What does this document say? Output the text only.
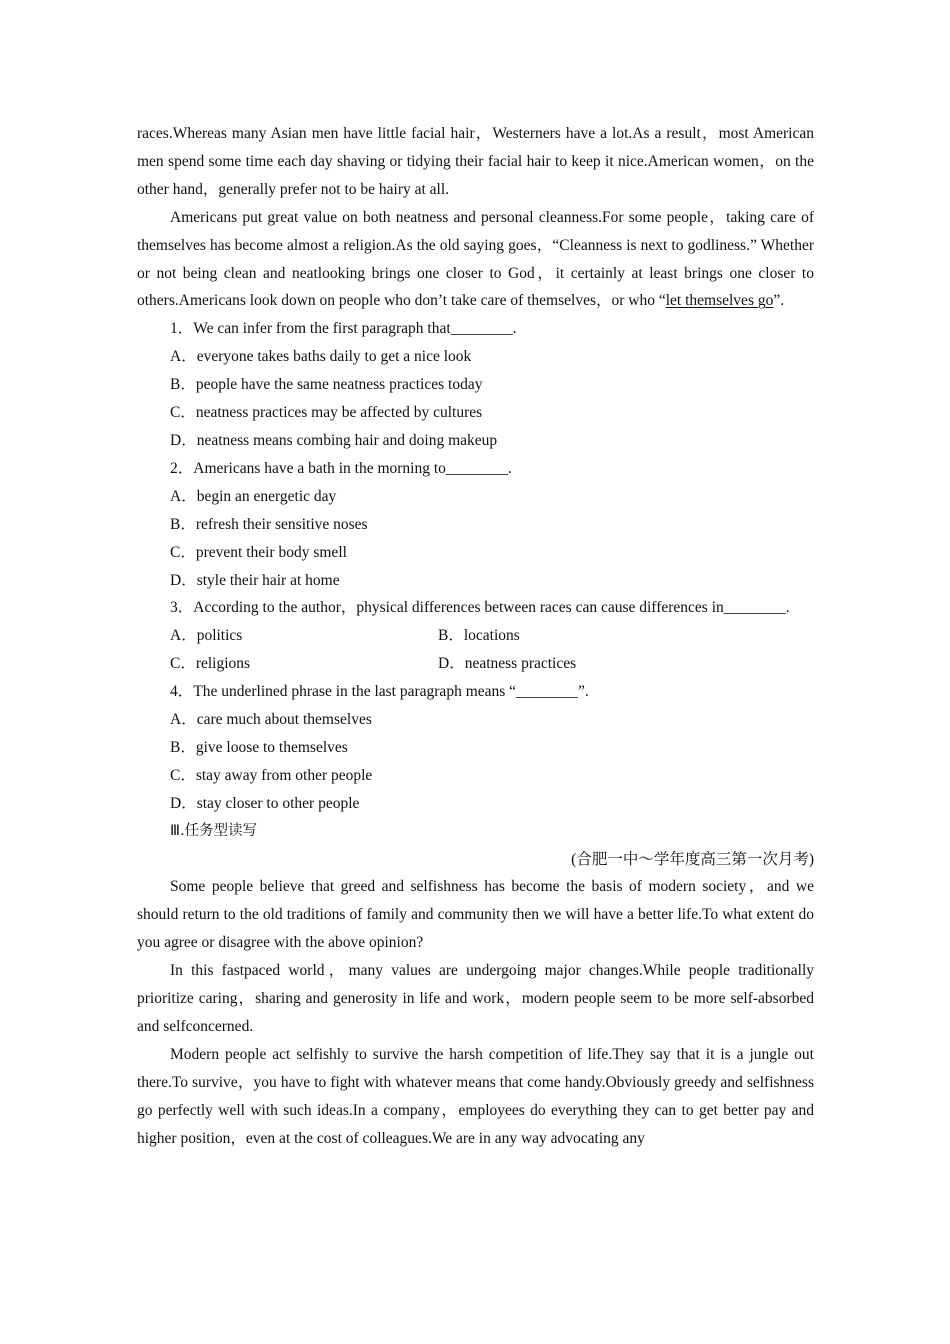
races.Whereas many Asian men have little facial hair，Westerners have a lot.As a result，most American men spend some time each day shaving or tidying their facial hair to keep it nice.American women，on the other hand，generally prefer not to be hairy at all.

Americans put great value on both neatness and personal cleanness.For some people，taking care of themselves has become almost a religion.As the old saying goes，“Cleanness is next to godliness.” Whether or not being clean and neatlooking brings one closer to God，it certainly at least brings one closer to others.Americans look down on people who don’t take care of themselves，or who “let themselves go”.

1．We can infer from the first paragraph that________.

A．everyone takes baths daily to get a nice look

B．people have the same neatness practices today

C．neatness practices may be affected by cultures

D．neatness means combing hair and doing makeup

2．Americans have a bath in the morning to________.

A．begin an energetic day

B．refresh their sensitive noses

C．prevent their body smell

D．style their hair at home

3．According to the author，physical differences between races can cause differences in________.

A．politics	B．locations

C．religions	D．neatness practices

4．The underlined phrase in the last paragraph means “________”.

A．care much about themselves

B．give loose to themselves

C．stay away from other people

D．stay closer to other people

Ⅲ.任务型读写

(合肥一中～学年度高三第一次月考)

Some people believe that greed and selfishness has become the basis of modern society，and we should return to the old traditions of family and community then we will have a better life.To what extent do you agree or disagree with the above opinion?

In this fastpaced world，many values are undergoing major changes.While people traditionally prioritize caring，sharing and generosity in life and work，modern people seem to be more self-absorbed and selfconcerned.

Modern people act selfishly to survive the harsh competition of life.They say that it is a jungle out there.To survive，you have to fight with whatever means that come handy.Obviously greedy and selfishness go perfectly well with such ideas.In a company，employees do everything they can to get better pay and higher position，even at the cost of colleagues.We are in any way advocating any
